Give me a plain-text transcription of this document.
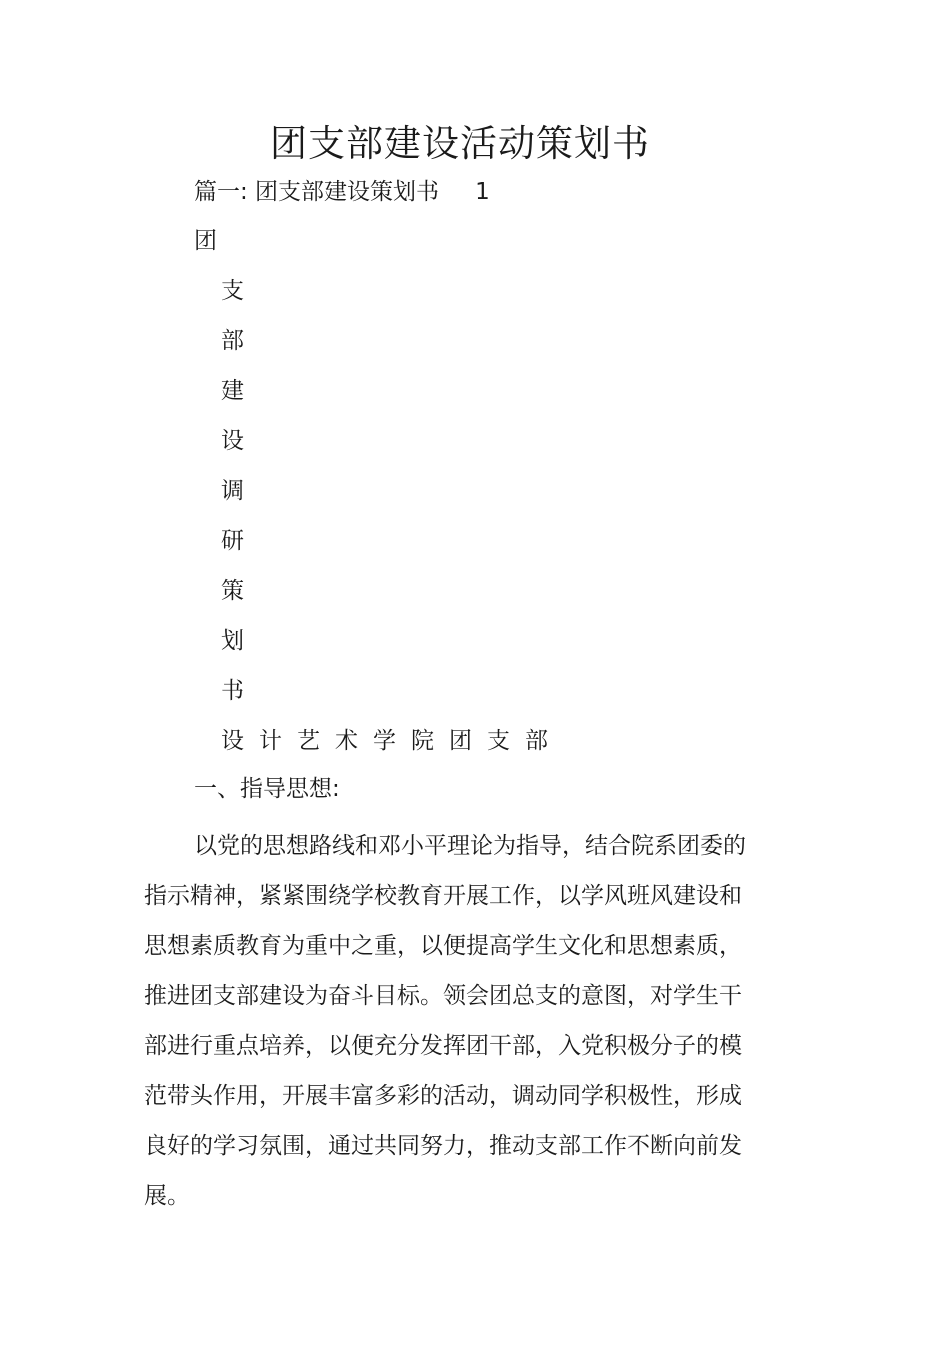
团支部建设活动策划书
篇一: 团支部建设策划书 1
团
支
部
建
设
调
研
策
划
书
设计艺术学院团支部
一、指导思想:
以党的思想路线和邓小平理论为指导，结合院系团委的
指示精神，紧紧围绕学校教育开展工作，以学风班风建设和
思想素质教育为重中之重，以便提高学生文化和思想素质，
推进团支部建设为奋斗目标。领会团总支的意图，对学生干
部进行重点培养，以便充分发挥团干部，入党积极分子的模
范带头作用，开展丰富多彩的活动，调动同学积极性，形成
良好的学习氛围，通过共同努力，推动支部工作不断向前发
展。
